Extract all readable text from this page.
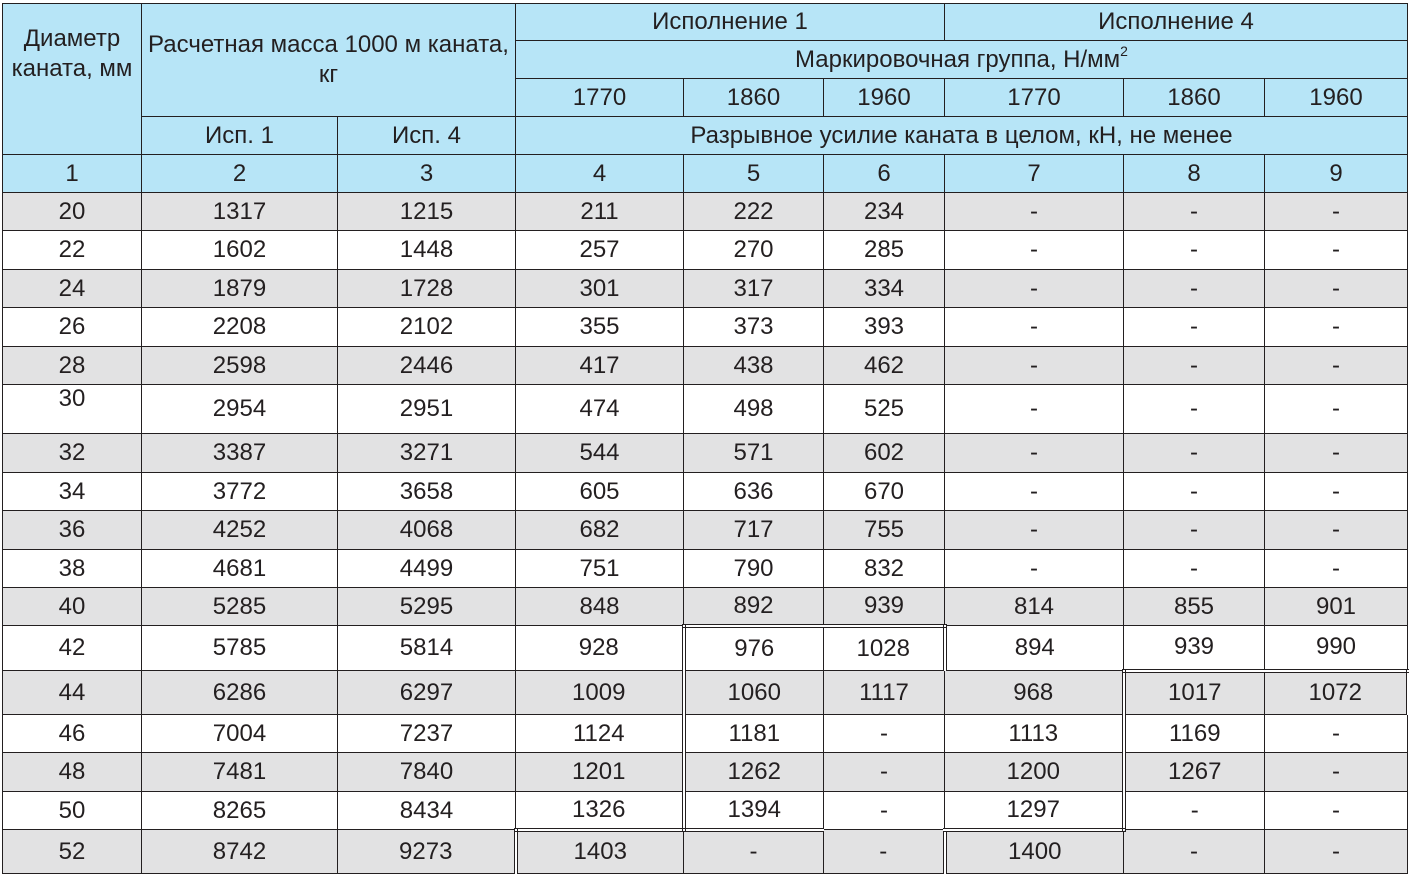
Диаметр каната, мм	Расчетная масса 1000 м каната, кг		Исполнение 1			Исполнение 4		
			Маркировочная группа, $Н/мм^2$
			1770	1860	1960	1770	1860	1960
	Исп. 1	Исп. 4	Разрывное усилие каната в целом, кН, не менее					
1	2	3	4	5	6	7	8	9
20	1317	1215	211	222	234	-	-	-
22	1602	1448	257	270	285	-	-	-
24	1879	1728	301	317	334	-	-	-
26	2208	2102	355	373	393	-	-	-
28	2598	2446	417	438	462	-	-	-
30	2954	2951	474	498	525	-	-	-
32	3387	3271	544	571	602	-	-	-
34	3772	3658	605	636	670	-	-	-
36	4252	4068	682	717	755	-	-	-
38	4681	4499	751	790	832	-	-	-
40	5285	5295	848	892	939	814	855	901
42	5785	5814	928	976	1028	894	939	990
44	6286	6297	1009	1060	1117	968	1017	1072
46	7004	7237	1124	1181	-	1113	1169	-
48	7481	7840	1201	1262	-	1200	1267	-
50	8265	8434	1326	1394	-	1297	-	-
52	8742	9273	1403	-	-	1400	-	-
